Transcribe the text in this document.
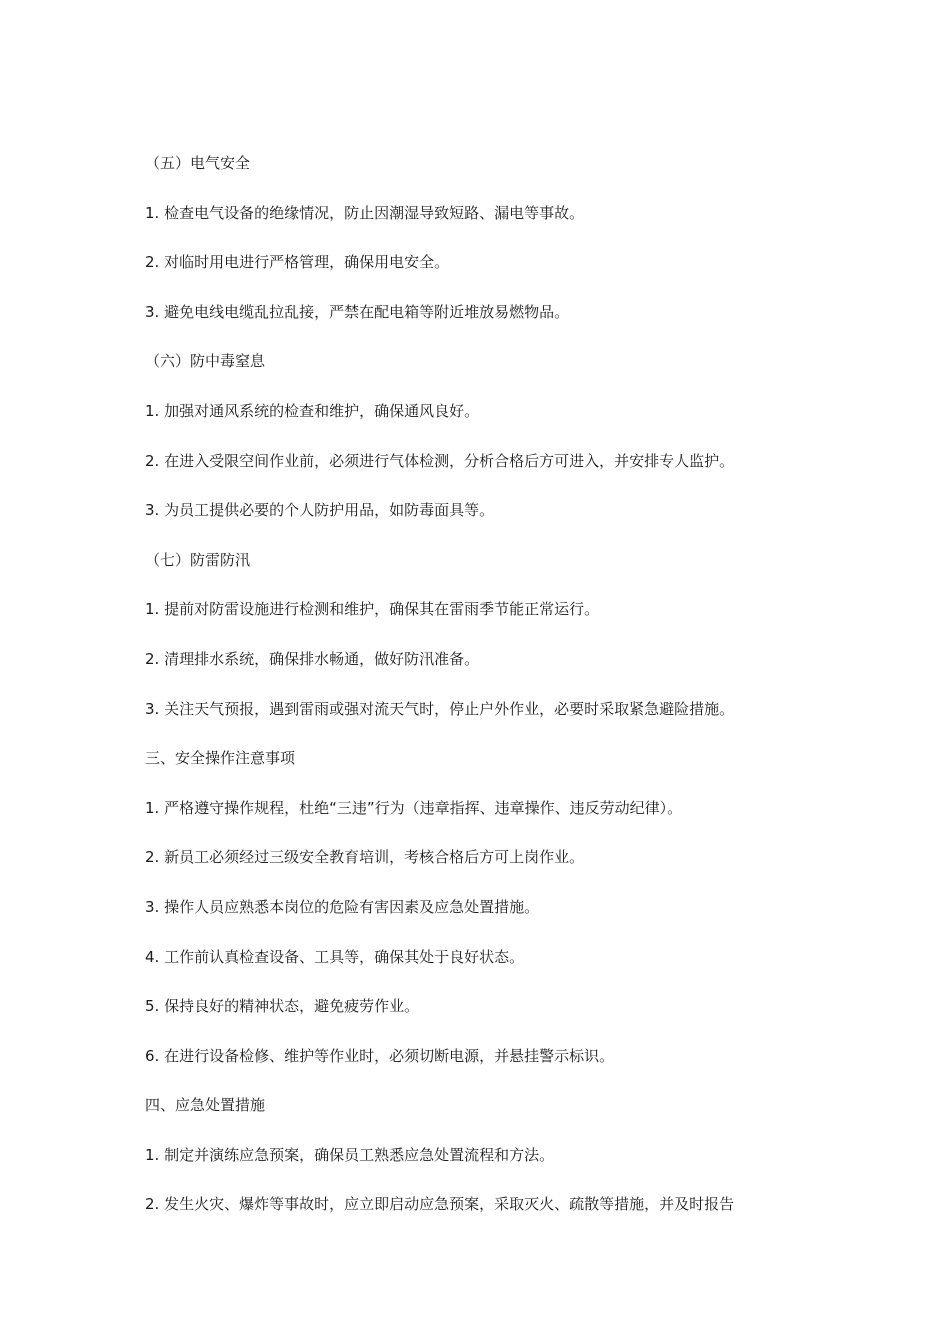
（五）电气安全
1. 检查电气设备的绝缘情况，防止因潮湿导致短路、漏电等事故。
2. 对临时用电进行严格管理，确保用电安全。
3. 避免电线电缆乱拉乱接，严禁在配电箱等附近堆放易燃物品。
（六）防中毒窒息
1. 加强对通风系统的检查和维护，确保通风良好。
2. 在进入受限空间作业前，必须进行气体检测，分析合格后方可进入，并安排专人监护。
3. 为员工提供必要的个人防护用品，如防毒面具等。
（七）防雷防汛
1. 提前对防雷设施进行检测和维护，确保其在雷雨季节能正常运行。
2. 清理排水系统，确保排水畅通，做好防汛准备。
3. 关注天气预报，遇到雷雨或强对流天气时，停止户外作业，必要时采取紧急避险措施。
三、安全操作注意事项
1. 严格遵守操作规程，杜绝“三违”行为（违章指挥、违章操作、违反劳动纪律）。
2. 新员工必须经过三级安全教育培训，考核合格后方可上岗作业。
3. 操作人员应熟悉本岗位的危险有害因素及应急处置措施。
4. 工作前认真检查设备、工具等，确保其处于良好状态。
5. 保持良好的精神状态，避免疲劳作业。
6. 在进行设备检修、维护等作业时，必须切断电源，并悬挂警示标识。
四、应急处置措施
1. 制定并演练应急预案，确保员工熟悉应急处置流程和方法。
2. 发生火灾、爆炸等事故时，应立即启动应急预案，采取灭火、疏散等措施，并及时报告
